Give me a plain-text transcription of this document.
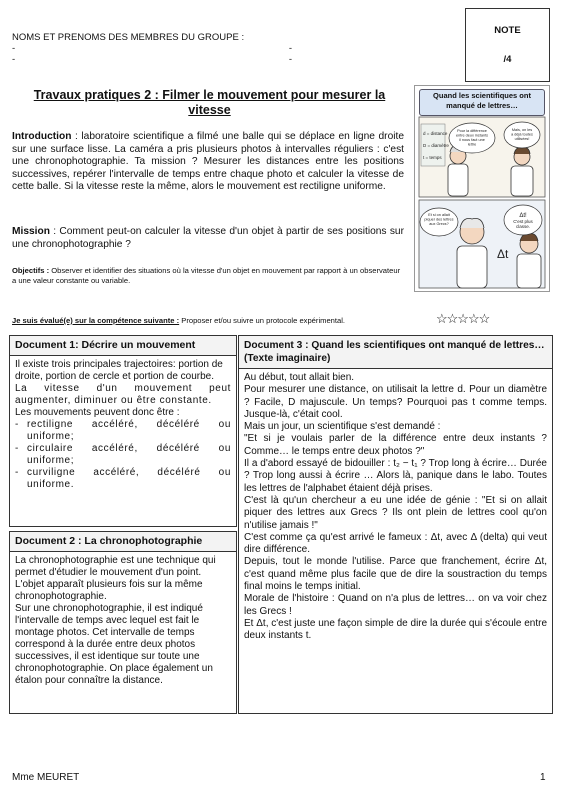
NOMS ET PRENOMS DES MEMBRES DU GROUPE :
-	-
-	-
NOTE
/4
Travaux pratiques 2 : Filmer le mouvement pour mesurer la vitesse
Introduction : laboratoire scientifique a filmé une balle qui se déplace en ligne droite sur une surface lisse. La caméra a pris plusieurs photos à intervalles réguliers : c'est une chronophotographie. Ta mission ? Mesurer les distances entre les positions successives, repérer l'intervalle de temps entre chaque photo et calculer la vitesse de cette balle. Si la vitesse reste la même, alors le mouvement est rectiligne uniforme.
Mission : Comment peut-on calculer la vitesse d'un objet à partir de ses positions sur une chronophotographie ?
Objectifs : Observer et identifier des situations où la vitesse d'un objet en mouvement par rapport à un observateur a une valeur constante ou variable.
Quand les scientifiques ont manqué de lettres…
d = distance
D = diamètre
t = temps
Pour la différence entre deux instants il nous faut une lettre
Mais, on les a déjà toutes utilisées!
Et si on allait piquer des lettres aux Grecs?
Δt! C'est plus classe.
Δt
Je suis évalué(e) sur la compétence suivante : Proposer et/ou suivre un protocole expérimental.	☆☆☆☆☆
Document 1: Décrire un mouvement

Il existe trois principales trajectoires: portion de droite, portion de cercle et portion de courbe.

La vitesse d'un mouvement peut augmenter, diminuer ou être constante.

Les mouvements peuvent donc être :

- rectiligne accéléré, décéléré ou uniforme;
- circulaire accéléré, décéléré ou uniforme;
- curviligne accéléré, décéléré ou uniforme.
Document 2 : La chronophotographie

La chronophotographie est une technique qui permet d'étudier le mouvement d'un point. L'objet apparaît plusieurs fois sur la même chronophotographie.

Sur une chronophotographie, il est indiqué l'intervalle de temps avec lequel est fait le montage photos. Cet intervalle de temps correspond à la durée entre deux photos successives, il est identique sur toute une chronophotographie. On place également un étalon pour connaître la distance.

Document 3 : Quand les scientifiques ont manqué de lettres… (Texte imaginaire)

Au début, tout allait bien.

Pour mesurer une distance, on utilisait la lettre d. Pour un diamètre ? Facile, D majuscule. Un temps? Pourquoi pas t comme temps. Jusque-là, c'était cool.

Mais un jour, un scientifique s'est demandé :

"Et si je voulais parler de la différence entre deux instants ? Comme… le temps entre deux photos ?"

Il a d'abord essayé de bidouiller : t₂ − t₁ ? Trop long à écrire… Durée ? Trop long aussi à écrire … Alors là, panique dans le labo. Toutes les lettres de l'alphabet étaient déjà prises.

C'est là qu'un chercheur a eu une idée de génie : "Et si on allait piquer des lettres aux Grecs ? Ils ont plein de lettres cool qu'on n'utilise jamais !"

C'est comme ça qu'est arrivé le fameux : Δt, avec Δ (delta) qui veut dire différence.

Depuis, tout le monde l'utilise. Parce que franchement, écrire Δt, c'est quand même plus facile que de dire la soustraction du temps final moins le temps initial.

Morale de l'histoire : Quand on n'a plus de lettres… on va voir chez les Grecs !

Et Δt, c'est juste une façon simple de dire la durée qui s'écoule entre deux instants t.

Mme MEURET	1
